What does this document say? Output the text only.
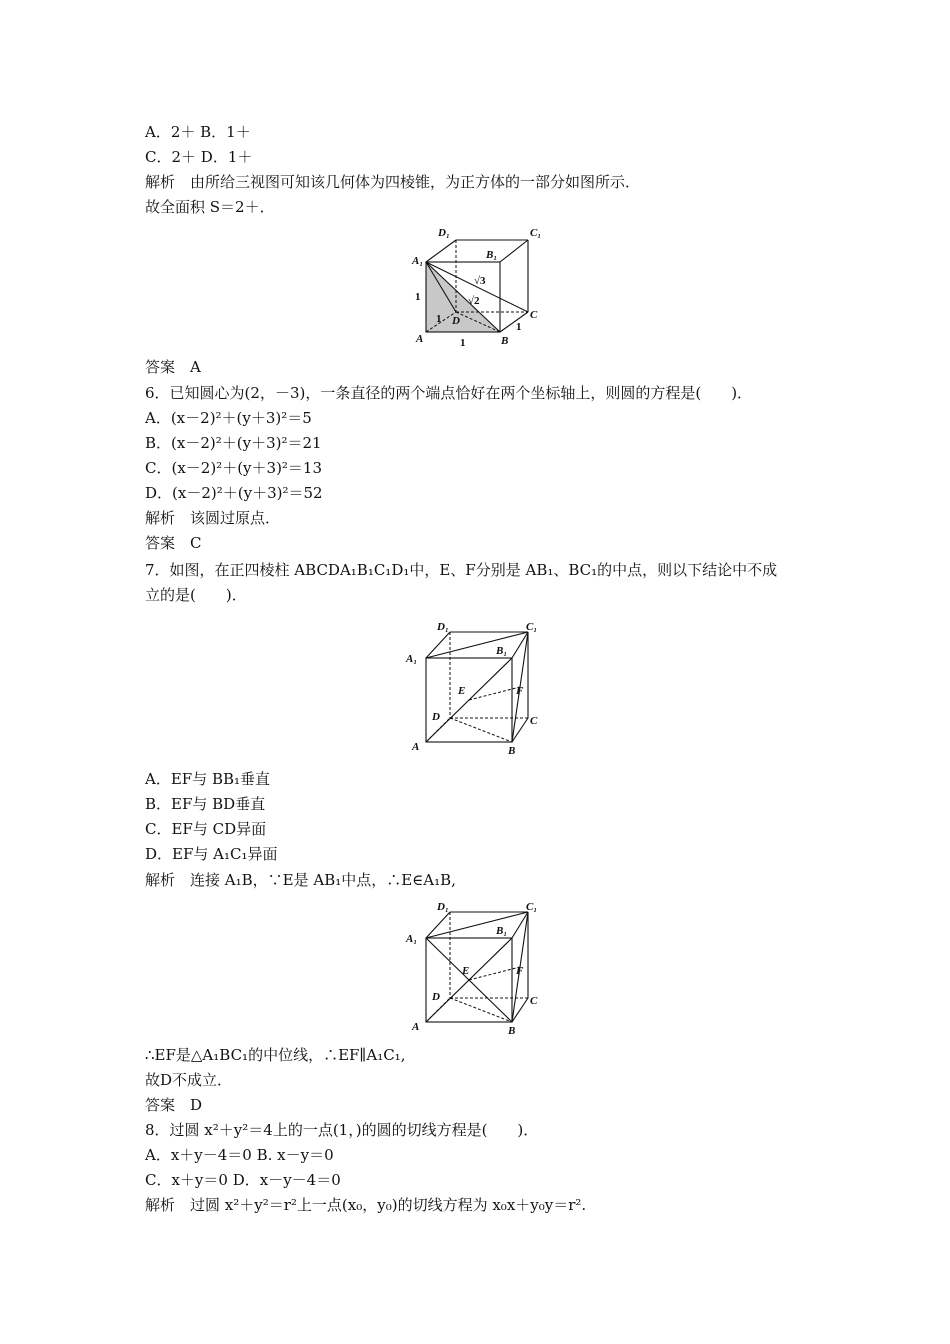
A．2＋ B．1＋
C．2＋ D．1＋
解析　由所给三视图可知该几何体为四棱锥，为正方体的一部分如图所示．
故全面积 S＝2＋．
D₁	C₁
B₁
A₁
A	B
C
D
1
1
1
1
√3
√2
答案　A
6．已知圆心为(2，－3)，一条直径的两个端点恰好在两个坐标轴上，则圆的方程是(　　)．
A．(x－2)²＋(y＋3)²＝5
B．(x－2)²＋(y＋3)²＝21
C．(x－2)²＋(y＋3)²＝13
D．(x－2)²＋(y＋3)²＝52
解析　该圆过原点．
答案　C
7．如图，在正四棱柱 ABCDA₁B₁C₁D₁中，E、F分别是 AB₁、BC₁的中点，则以下结论中不成
立的是(　　)．
D₁	C₁
B₁
A₁
A	B
C
D
E	F
A．EF与 BB₁垂直
B．EF与 BD垂直
C．EF与 CD异面
D．EF与 A₁C₁异面
解析　连接 A₁B，∵E是 AB₁中点，∴E∈A₁B,
D₁	C₁
B₁
A₁
A	B
C
D
E	F
∴EF是△A₁BC₁的中位线，∴EF∥A₁C₁,
故D不成立．
答案　D
8．过圆 x²＋y²＝4上的一点(1，)的圆的切线方程是(　　)．
A．x＋y－4＝0 B. x－y＝0
C．x＋y＝0 D．x－y－4＝0
解析　过圆 x²＋y²＝r²上一点(x₀，y₀)的切线方程为 x₀x＋y₀y＝r².
